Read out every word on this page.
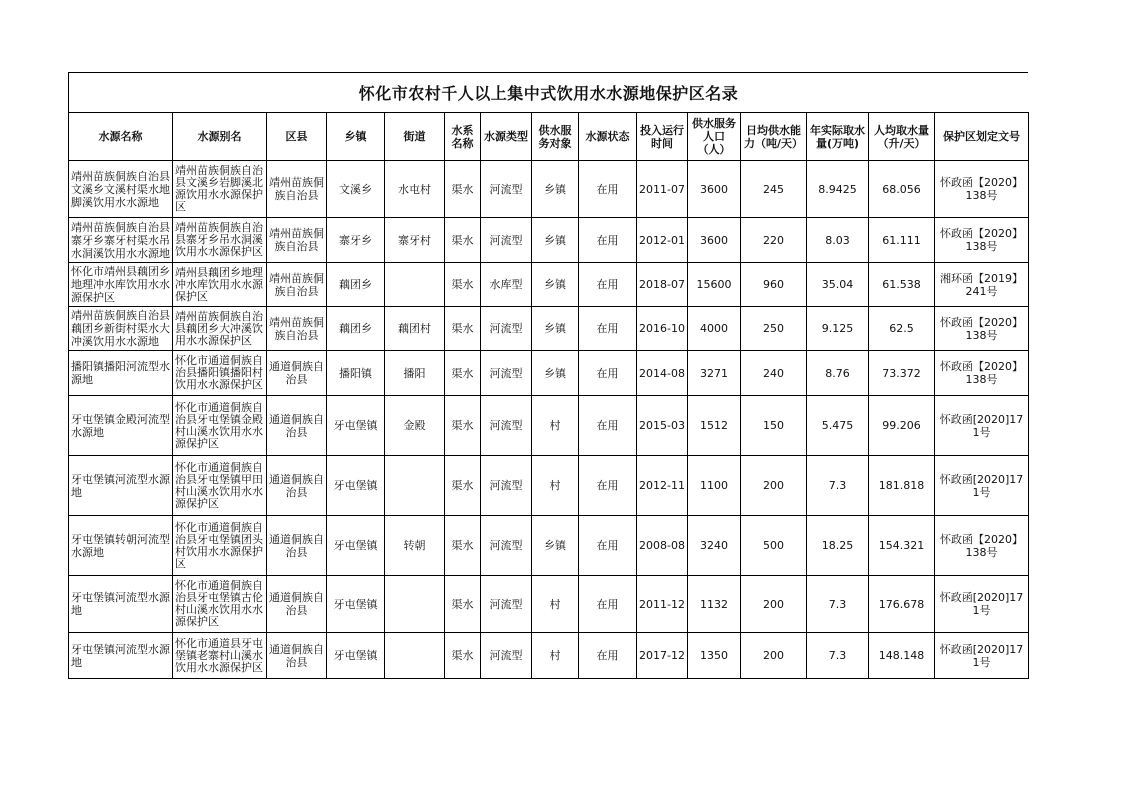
怀化市农村千人以上集中式饮用水水源地保护区名录
水源名称	水源别名	区县	乡镇	街道	水系名称	水源类型	供水服务对象	水源状态	投入运行时间	供水服务人口（人）	日均供水能力（吨/天）	年实际取水量(万吨)	人均取水量（升/天）	保护区划定文号
靖州苗族侗族自治县文溪乡文溪村渠水地脚溪饮用水水源地	靖州苗族侗族自治县文溪乡岩脚溪北源饮用水水源保护区	靖州苗族侗族自治县	文溪乡	水屯村	渠水	河流型	乡镇	在用	2011-07	3600	245	8.9425	68.056	怀政函【2020】138号
靖州苗族侗族自治县寨牙乡寨牙村渠水吊水洞溪饮用水水源地	靖州苗族侗族自治县寨牙乡吊水洞溪饮用水水源保护区	靖州苗族侗族自治县	寨牙乡	寨牙村	渠水	河流型	乡镇	在用	2012-01	3600	220	8.03	61.111	怀政函【2020】138号
怀化市靖州县藕团乡地理冲水库饮用水水源保护区	靖州县藕团乡地理冲水库饮用水水源保护区	靖州苗族侗族自治县	藕团乡		渠水	水库型	乡镇	在用	2018-07	15600	960	35.04	61.538	湘环函【2019】241号
靖州苗族侗族自治县藕团乡新街村渠水大冲溪饮用水水源地	靖州苗族侗族自治县藕团乡大冲溪饮用水水源保护区	靖州苗族侗族自治县	藕团乡	藕团村	渠水	河流型	乡镇	在用	2016-10	4000	250	9.125	62.5	怀政函【2020】138号
播阳镇播阳河流型水源地	怀化市通道侗族自治县播阳镇播阳村饮用水水源保护区	通道侗族自治县	播阳镇	播阳	渠水	河流型	乡镇	在用	2014-08	3271	240	8.76	73.372	怀政函【2020】138号
牙屯堡镇金殿河流型水源地	怀化市通道侗族自治县牙屯堡镇金殿村山溪水饮用水水源保护区	通道侗族自治县	牙屯堡镇	金殿	渠水	河流型	村	在用	2015-03	1512	150	5.475	99.206	怀政函[2020]171号
牙屯堡镇河流型水源地	怀化市通道侗族自治县牙屯堡镇甲田村山溪水饮用水水源保护区	通道侗族自治县	牙屯堡镇		渠水	河流型	村	在用	2012-11	1100	200	7.3	181.818	怀政函[2020]171号
牙屯堡镇转朝河流型水源地	怀化市通道侗族自治县牙屯堡镇团头村饮用水水源保护区	通道侗族自治县	牙屯堡镇	转朝	渠水	河流型	乡镇	在用	2008-08	3240	500	18.25	154.321	怀政函【2020】138号
牙屯堡镇河流型水源地	怀化市通道侗族自治县牙屯堡镇古伦村山溪水饮用水水源保护区	通道侗族自治县	牙屯堡镇		渠水	河流型	村	在用	2011-12	1132	200	7.3	176.678	怀政函[2020]171号
牙屯堡镇河流型水源地	怀化市通道县牙屯堡镇老寨村山溪水饮用水水源保护区	通道侗族自治县	牙屯堡镇		渠水	河流型	村	在用	2017-12	1350	200	7.3	148.148	怀政函[2020]171号
